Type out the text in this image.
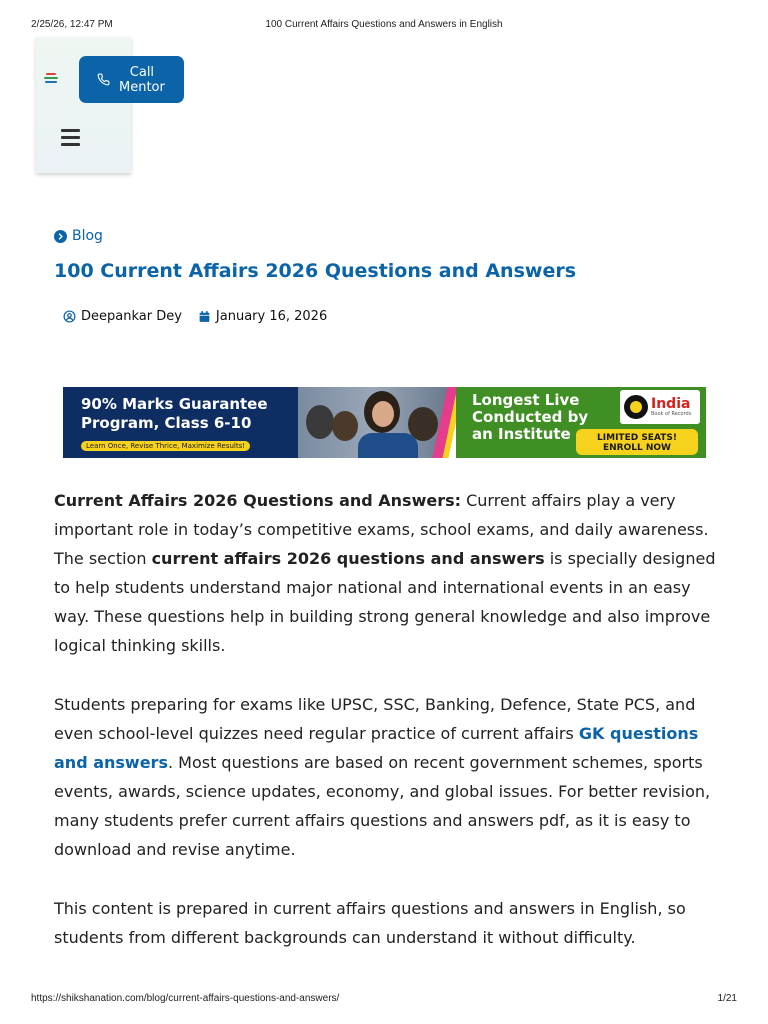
2/25/26, 12:47 PM	100 Current Affairs Questions and Answers in English
Call
Mentor
Blog
100 Current Affairs 2026 Questions and Answers
Deepankar Dey	January 16, 2026
90% Marks Guarantee
Program, Class 6-10
Learn Once, Revise Thrice, Maximize Results!
Longest Live
Conducted by
an Institute
India
Book of Records
LIMITED SEATS!
ENROLL NOW

Current Affairs 2026 Questions and Answers: Current affairs play a very important role in today’s competitive exams, school exams, and daily awareness. The section current affairs 2026 questions and answers is specially designed to help students understand major national and international events in an easy way. These questions help in building strong general knowledge and also improve logical thinking skills.

Students preparing for exams like UPSC, SSC, Banking, Defence, State PCS, and even school-level quizzes need regular practice of current affairs GK questions and answers. Most questions are based on recent government schemes, sports events, awards, science updates, economy, and global issues. For better revision, many students prefer current affairs questions and answers pdf, as it is easy to download and revise anytime.

This content is prepared in current affairs questions and answers in English, so students from different backgrounds can understand it without difficulty.

https://shikshanation.com/blog/current-affairs-questions-and-answers/	1/21
